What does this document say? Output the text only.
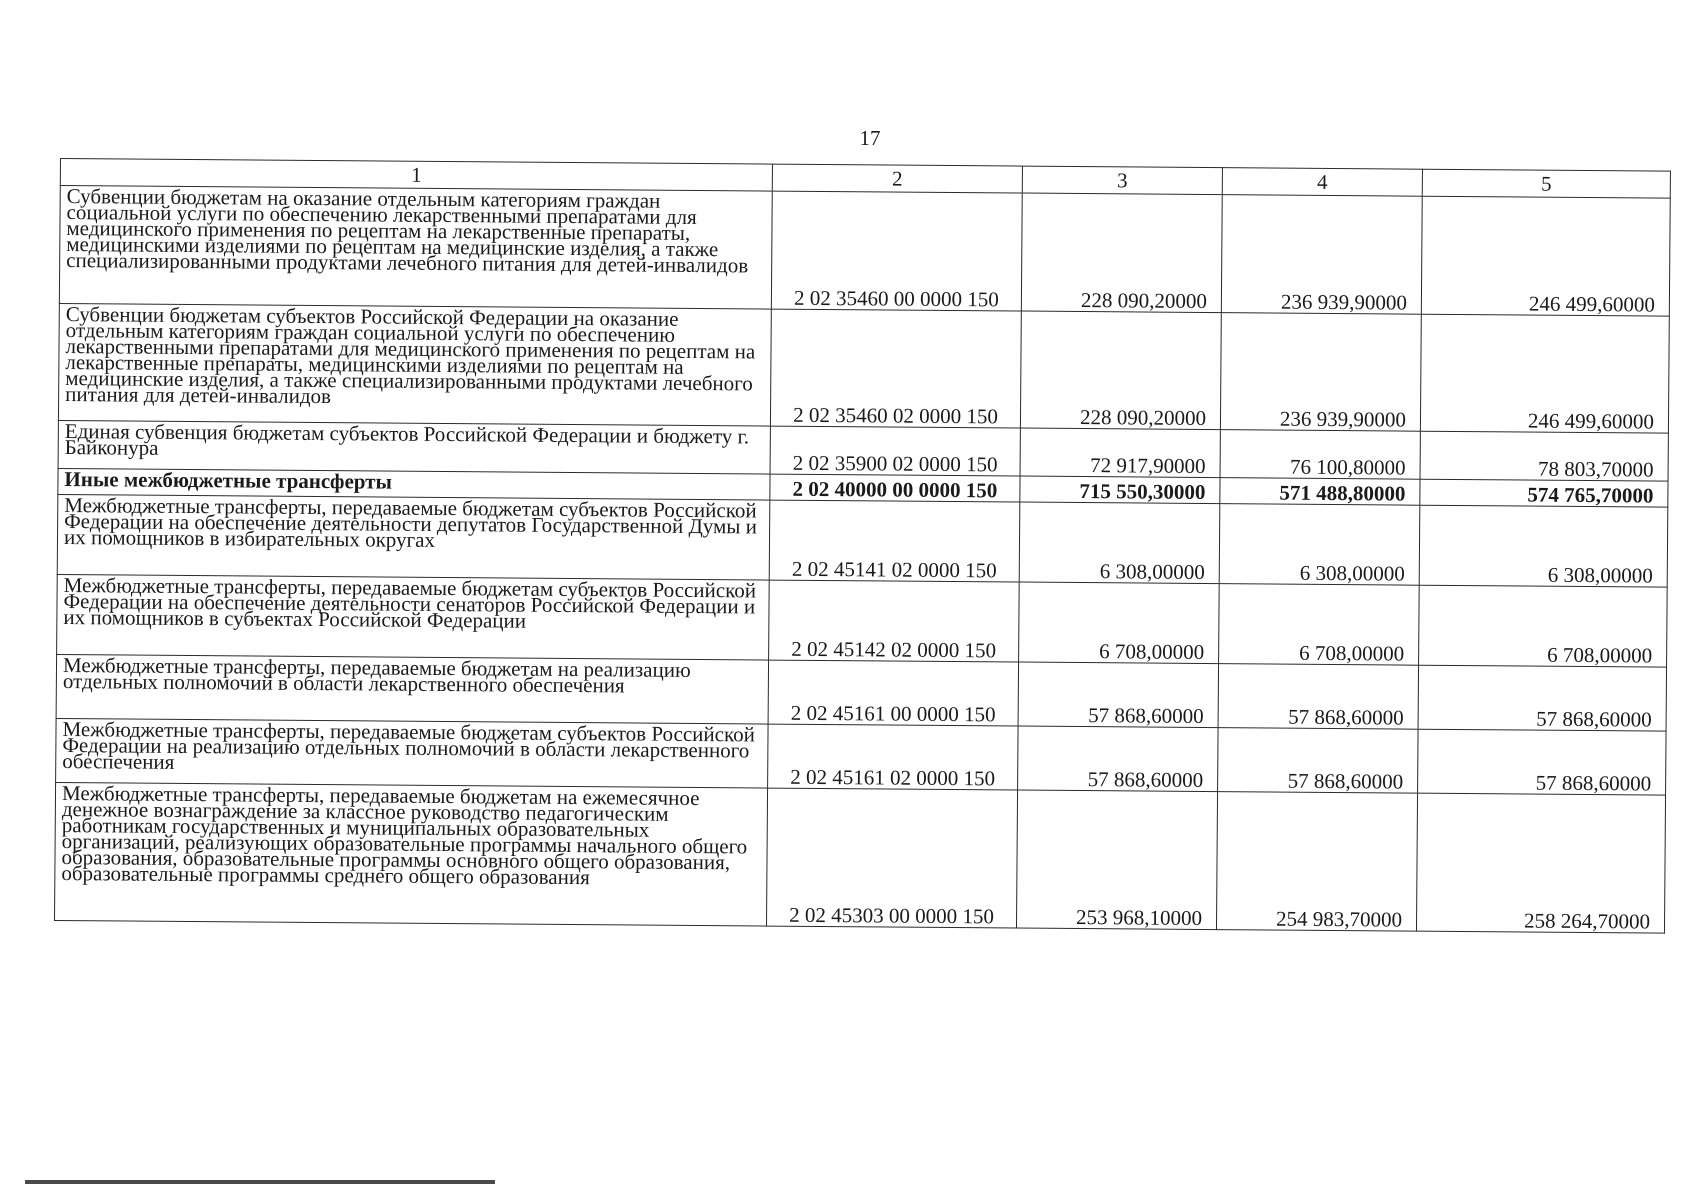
17
1	2	3	4	5
Субвенции бюджетам на оказание отдельным категориям граждан социальной услуги по обеспечению лекарственными препаратами для медицинского применения по рецептам на лекарственные препараты, медицинскими изделиями по рецептам на медицинские изделия, а также специализированными продуктами лечебного питания для детей-инвалидов	2 02 35460 00 0000 150	228 090,20000	236 939,90000	246 499,60000
Субвенции бюджетам субъектов Российской Федерации на оказание отдельным категориям граждан социальной услуги по обеспечению лекарственными препаратами для медицинского применения по рецептам на лекарственные препараты, медицинскими изделиями по рецептам на медицинские изделия, а также специализированными продуктами лечебного питания для детей-инвалидов	2 02 35460 02 0000 150	228 090,20000	236 939,90000	246 499,60000
Единая субвенция бюджетам субъектов Российской Федерации и бюджету г. Байконура	2 02 35900 02 0000 150	72 917,90000	76 100,80000	78 803,70000
Иные межбюджетные трансферты	2 02 40000 00 0000 150	715 550,30000	571 488,80000	574 765,70000
Межбюджетные трансферты, передаваемые бюджетам субъектов Российской Федерации на обеспечение деятельности депутатов Государственной Думы и их помощников в избирательных округах	2 02 45141 02 0000 150	6 308,00000	6 308,00000	6 308,00000
Межбюджетные трансферты, передаваемые бюджетам субъектов Российской Федерации на обеспечение деятельности сенаторов Российской Федерации и их помощников в субъектах Российской Федерации	2 02 45142 02 0000 150	6 708,00000	6 708,00000	6 708,00000
Межбюджетные трансферты, передаваемые бюджетам на реализацию отдельных полномочий в области лекарственного обеспечения	2 02 45161 00 0000 150	57 868,60000	57 868,60000	57 868,60000
Межбюджетные трансферты, передаваемые бюджетам субъектов Российской Федерации на реализацию отдельных полномочий в области лекарственного обеспечения	2 02 45161 02 0000 150	57 868,60000	57 868,60000	57 868,60000
Межбюджетные трансферты, передаваемые бюджетам на ежемесячное денежное вознаграждение за классное руководство педагогическим работникам государственных и муниципальных образовательных организаций, реализующих образовательные программы начального общего образования, образовательные программы основного общего образования, образовательные программы среднего общего образования	2 02 45303 00 0000 150	253 968,10000	254 983,70000	258 264,70000
